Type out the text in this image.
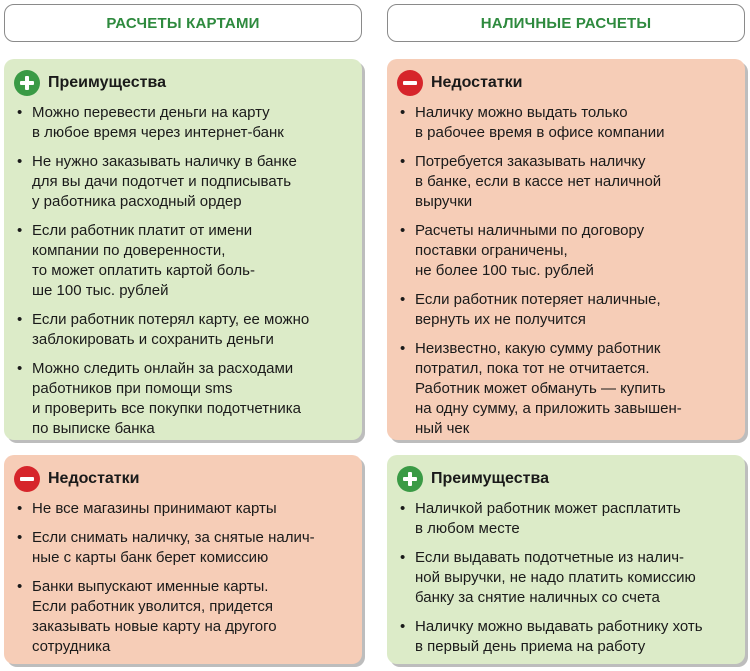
РАСЧЕТЫ КАРТАМИ	НАЛИЧНЫЕ РАСЧЕТЫ
Преимущества
• Можно перевести деньги на карту
в любое время через интернет-банк
• Не нужно заказывать наличку в банке
для вы дачи подотчет и подписывать
у работника расходный ордер
• Если работник платит от имени
компании по доверенности,
то может оплатить картой боль-
ше 100 тыс. рублей
• Если работник потерял карту, ее можно
заблокировать и сохранить деньги
• Можно следить онлайн за расходами
работников при помощи sms
и проверить все покупки подотчетника
по выписке банка
Недостатки
• Наличку можно выдать только
в рабочее время в офисе компании
• Потребуется заказывать наличку
в банке, если в кассе нет наличной
выручки
• Расчеты наличными по договору
поставки ограничены,
не более 100 тыс. рублей
• Если работник потеряет наличные,
вернуть их не получится
• Неизвестно, какую сумму работник
потратил, пока тот не отчитается.
Работник может обмануть — купить
на одну сумму, а приложить завышен-
ный чек
Недостатки
• Не все магазины принимают карты
• Если снимать наличку, за снятые налич-
ные с карты банк берет комиссию
• Банки выпускают именные карты.
Если работник уволится, придется
заказывать новые карту на другого
сотрудника
Преимущества
• Наличкой работник может расплатить
в любом месте
• Если выдавать подотчетные из налич-
ной выручки, не надо платить комиссию
банку за снятие наличных со счета
• Наличку можно выдавать работнику хоть
в первый день приема на работу
